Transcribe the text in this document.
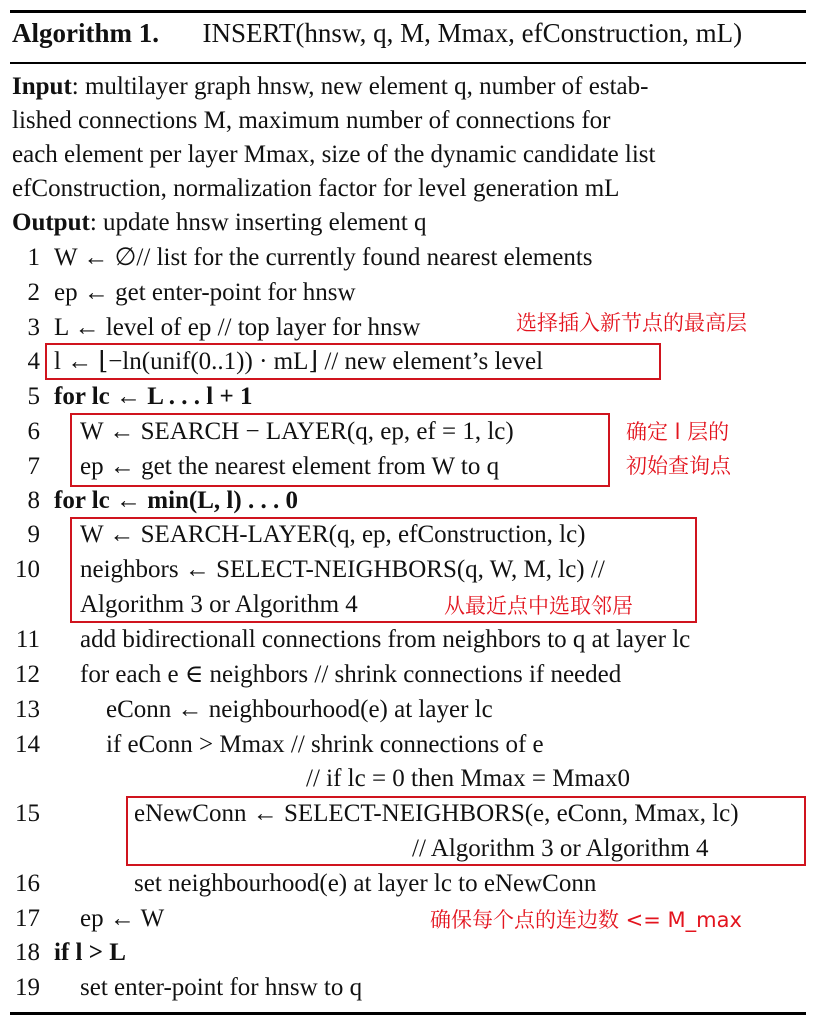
Algorithm 1. INSERT(hnsw, q, M, Mmax, efConstruction, mL)
Input: multilayer graph hnsw, new element q, number of estab-
lished connections M, maximum number of connections for
each element per layer Mmax, size of the dynamic candidate list
efConstruction, normalization factor for level generation mL
Output: update hnsw inserting element q
1 W ← ∅// list for the currently found nearest elements
2 ep ← get enter-point for hnsw
3 L ← level of ep // top layer for hnsw
4 l ← ⌊−ln(unif(0..1)) · mL⌋ // new element’s level
5 for lc ← L . . . l + 1
6 W ← SEARCH − LAYER(q, ep, ef = 1, lc)
7 ep ← get the nearest element from W to q
8 for lc ← min(L, l) . . . 0
9 W ← SEARCH-LAYER(q, ep, efConstruction, lc)
10 neighbors ← SELECT-NEIGHBORS(q, W, M, lc) //
Algorithm 3 or Algorithm 4
11 add bidirectionall connections from neighbors to q at layer lc
12 for each e ∈ neighbors // shrink connections if needed
13	eConn ← neighbourhood(e) at layer lc
14	if eConn > Mmax // shrink connections of e
// if lc = 0 then Mmax = Mmax0
15	eNewConn ← SELECT-NEIGHBORS(e, eConn, Mmax, lc)
// Algorithm 3 or Algorithm 4
16	set neighbourhood(e) at layer lc to eNewConn
17 ep ← W
18 if l > L
19 set enter-point for hnsw to q
选择插入新节点的最高层
确定 l 层的
初始查询点
从最近点中选取邻居
确保每个点的连边数 <= M_max
